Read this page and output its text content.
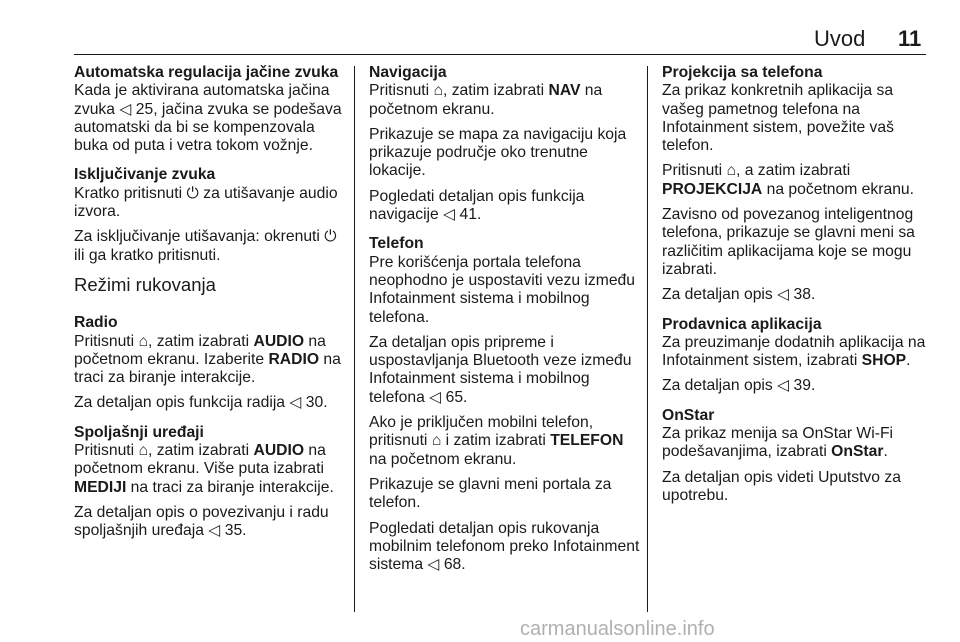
Uvod 11
Automatska regulacija jačine zvuka
Kada je aktivirana automatska jačina zvuka ◁ 25, jačina zvuka se podešava automatski da bi se kompenzovala buka od puta i vetra tokom vožnje.
Isključivanje zvuka
Kratko pritisnuti ⏻ za utišavanje audio izvora.
Za isključivanje utišavanja: okrenuti ⏻ ili ga kratko pritisnuti.
Režimi rukovanja
Radio
Pritisnuti ⌂, zatim izabrati AUDIO na početnom ekranu. Izaberite RADIO na traci za biranje interakcije.
Za detaljan opis funkcija radija ◁ 30.
Spoljašnji uređaji
Pritisnuti ⌂, zatim izabrati AUDIO na početnom ekranu. Više puta izabrati MEDIJI na traci za biranje interakcije.
Za detaljan opis o povezivanju i radu spoljašnjih uređaja ◁ 35.
Navigacija
Pritisnuti ⌂, zatim izabrati NAV na početnom ekranu.
Prikazuje se mapa za navigaciju koja prikazuje područje oko trenutne lokacije.
Pogledati detaljan opis funkcija navigacije ◁ 41.
Telefon
Pre korišćenja portala telefona neophodno je uspostaviti vezu između Infotainment sistema i mobilnog telefona.
Za detaljan opis pripreme i uspostavljanja Bluetooth veze između Infotainment sistema i mobilnog telefona ◁ 65.
Ako je priključen mobilni telefon, pritisnuti ⌂ i zatim izabrati TELEFON na početnom ekranu.
Prikazuje se glavni meni portala za telefon.
Pogledati detaljan opis rukovanja mobilnim telefonom preko Infotainment sistema ◁ 68.
Projekcija sa telefona
Za prikaz konkretnih aplikacija sa vašeg pametnog telefona na Infotainment sistem, povežite vaš telefon.
Pritisnuti ⌂, a zatim izabrati PROJEKCIJA na početnom ekranu.
Zavisno od povezanog inteligentnog telefona, prikazuje se glavni meni sa različitim aplikacijama koje se mogu izabrati.
Za detaljan opis ◁ 38.
Prodavnica aplikacija
Za preuzimanje dodatnih aplikacija na Infotainment sistem, izabrati SHOP.
Za detaljan opis ◁ 39.
OnStar
Za prikaz menija sa OnStar Wi-Fi podešavanjima, izabrati OnStar.
Za detaljan opis videti Uputstvo za upotrebu.
carmanualsonline.info
